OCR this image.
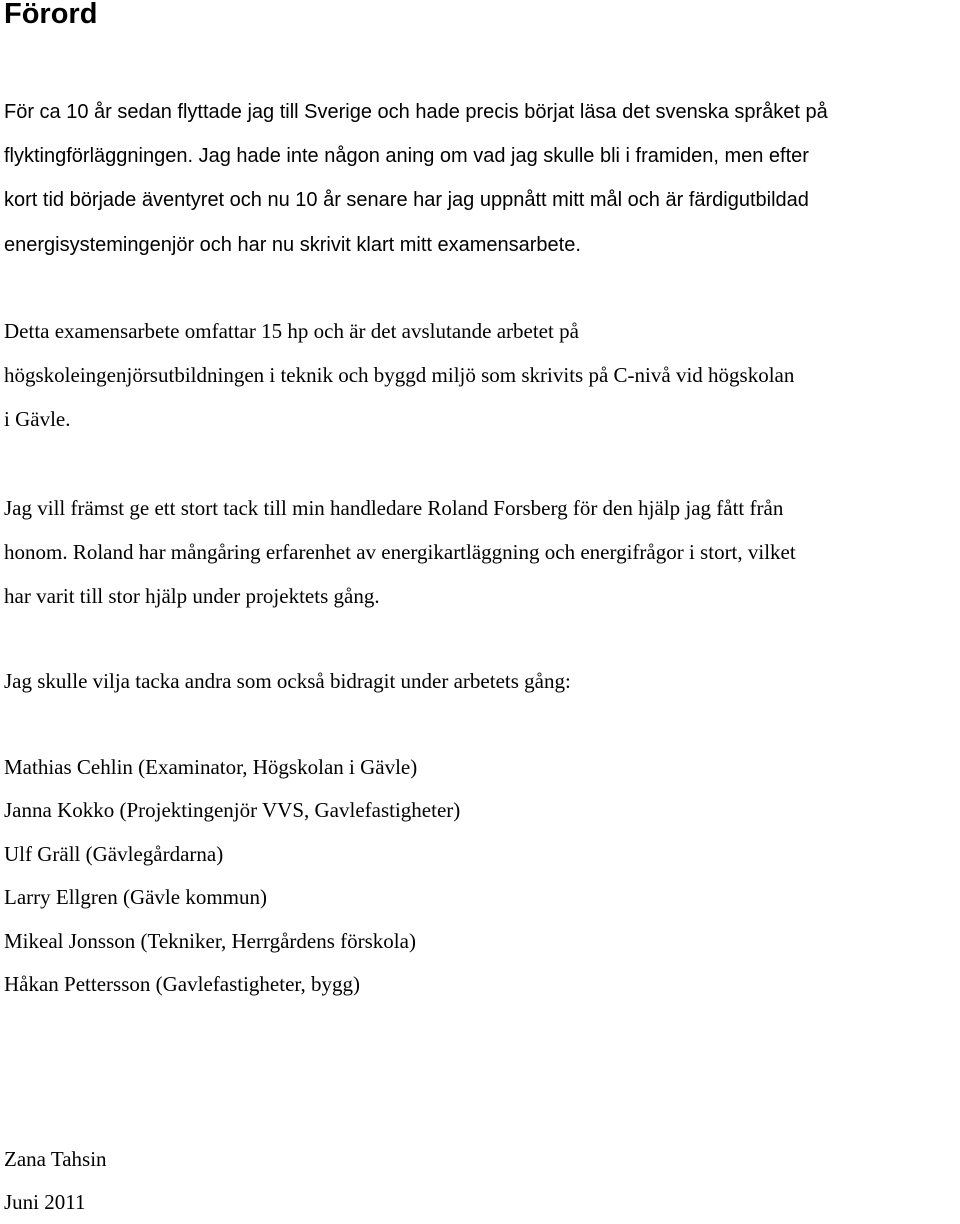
Förord

För ca 10 år sedan flyttade jag till Sverige och hade precis börjat läsa det svenska språket på
flyktingförläggningen. Jag hade inte någon aning om vad jag skulle bli i framiden, men efter
kort tid började äventyret och nu 10 år senare har jag uppnått mitt mål och är färdigutbildad
energisystemingenjör och har nu skrivit klart mitt examensarbete.

Detta examensarbete omfattar 15 hp och är det avslutande arbetet på
högskoleingenjörsutbildningen i teknik och byggd miljö som skrivits på C-nivå vid högskolan
i Gävle.

Jag vill främst ge ett stort tack till min handledare Roland Forsberg för den hjälp jag fått från
honom. Roland har mångåring erfarenhet av energikartläggning och energifrågor i stort, vilket
har varit till stor hjälp under projektets gång.

Jag skulle vilja tacka andra som också bidragit under arbetets gång:

Mathias Cehlin (Examinator, Högskolan i Gävle)
Janna Kokko (Projektingenjör VVS, Gavlefastigheter)
Ulf Gräll (Gävlegårdarna)
Larry Ellgren (Gävle kommun)
Mikeal Jonsson (Tekniker, Herrgårdens förskola)
Håkan Pettersson (Gavlefastigheter, bygg)

Zana Tahsin
Juni 2011
